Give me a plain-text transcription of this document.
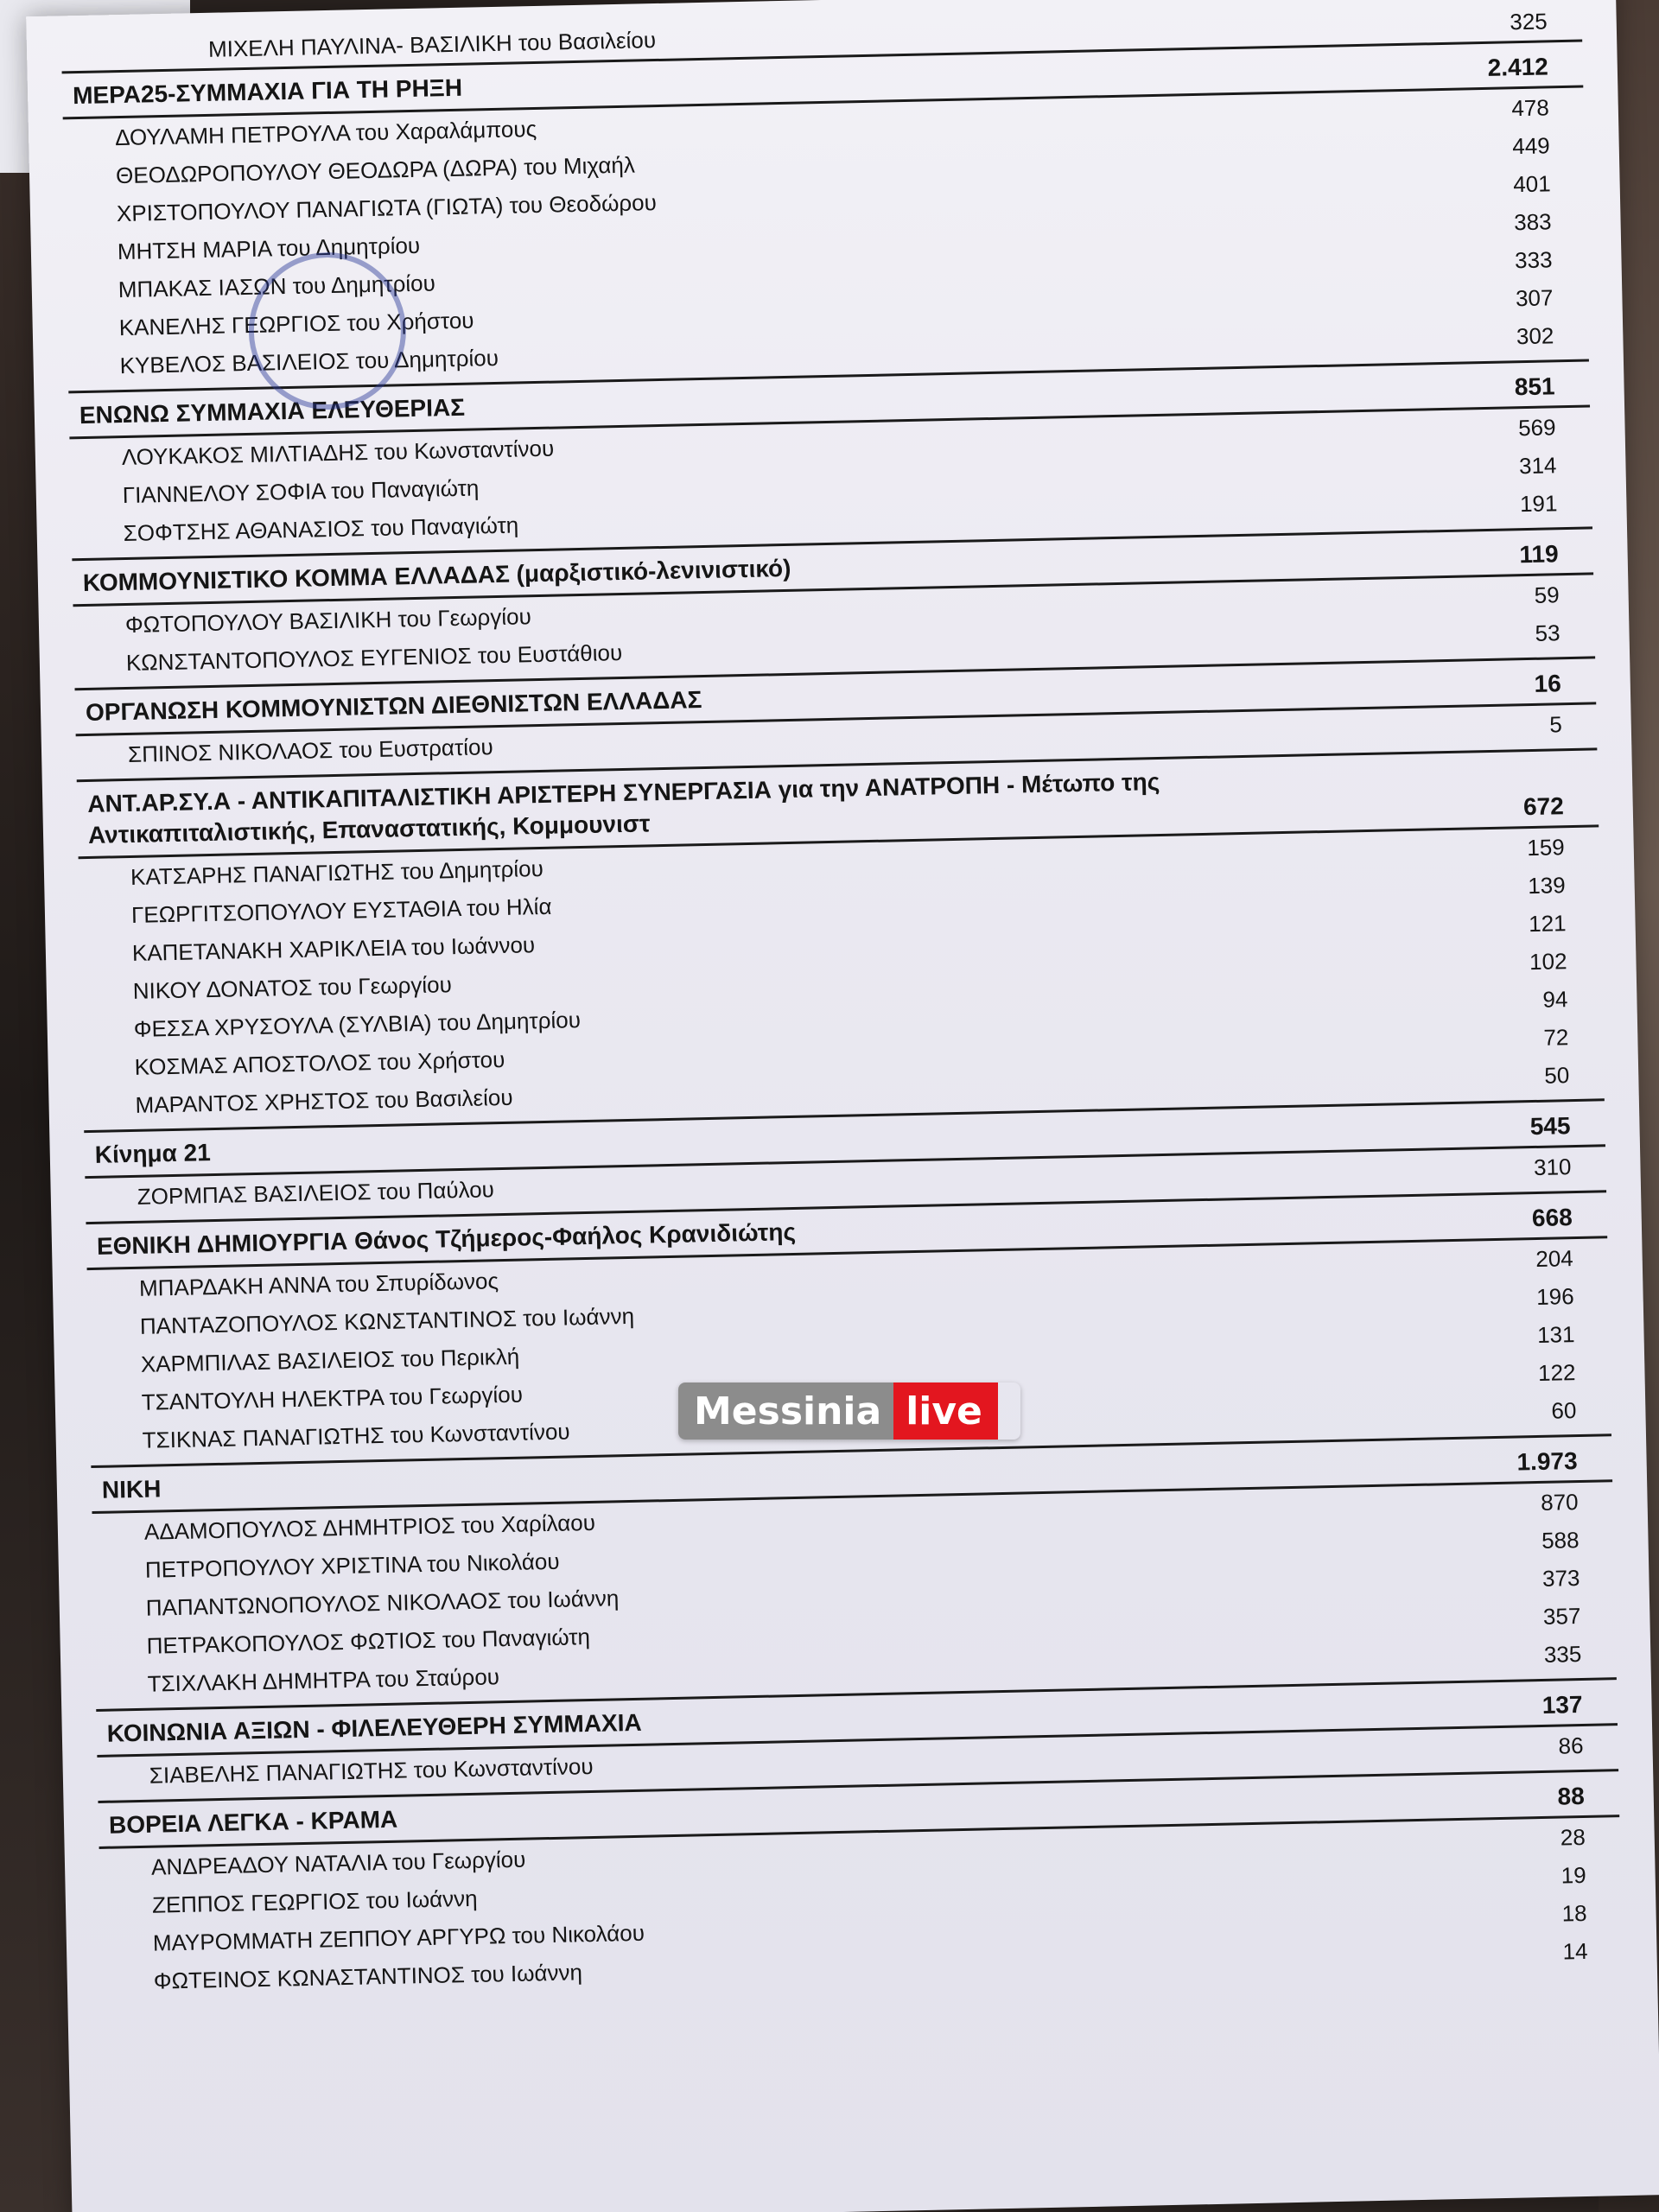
ΜΙΧΕΛΗ ΠΑΥΛΙΝΑ- ΒΑΣΙΛΙΚΗ του Βασιλείου
325
ΜΕΡΑ25-ΣΥΜΜΑΧΙΑ ΓΙΑ ΤΗ ΡΗΞΗ
2.412
ΔΟΥΛΑΜΗ ΠΕΤΡΟΥΛΑ του Χαραλάμπους
478
ΘΕΟΔΩΡΟΠΟΥΛΟΥ ΘΕΟΔΩΡΑ (ΔΩΡΑ) του Μιχαήλ
449
ΧΡΙΣΤΟΠΟΥΛΟΥ ΠΑΝΑΓΙΩΤΑ (ΓΙΩΤΑ) του Θεοδώρου
401
ΜΗΤΣΗ ΜΑΡΙΑ του Δημητρίου
383
ΜΠΑΚΑΣ ΙΑΣΩΝ του Δημητρίου
333
ΚΑΝΕΛΗΣ ΓΕΩΡΓΙΟΣ του Χρήστου
307
ΚΥΒΕΛΟΣ ΒΑΣΙΛΕΙΟΣ του Δημητρίου
302
ΕΝΩΝΩ ΣΥΜΜΑΧΙΑ ΕΛΕΥΘΕΡΙΑΣ
851
ΛΟΥΚΑΚΟΣ ΜΙΛΤΙΑΔΗΣ του Κωνσταντίνου
569
ΓΙΑΝΝΕΛΟΥ ΣΟΦΙΑ του Παναγιώτη
314
ΣΟΦΤΣΗΣ ΑΘΑΝΑΣΙΟΣ του Παναγιώτη
191
ΚΟΜΜΟΥΝΙΣΤΙΚΟ ΚΟΜΜΑ ΕΛΛΑΔΑΣ (μαρξιστικό-λενινιστικό)
119
ΦΩΤΟΠΟΥΛΟΥ ΒΑΣΙΛΙΚΗ του Γεωργίου
59
ΚΩΝΣΤΑΝΤΟΠΟΥΛΟΣ ΕΥΓΕΝΙΟΣ του Ευστάθιου
53
ΟΡΓΑΝΩΣΗ ΚΟΜΜΟΥΝΙΣΤΩΝ ΔΙΕΘΝΙΣΤΩΝ ΕΛΛΑΔΑΣ
16
ΣΠΙΝΟΣ ΝΙΚΟΛΑΟΣ του Ευστρατίου
5
ΑΝΤ.ΑΡ.ΣΥ.Α - ΑΝΤΙΚΑΠΙΤΑΛΙΣΤΙΚΗ ΑΡΙΣΤΕΡΗ ΣΥΝΕΡΓΑΣΙΑ για την ΑΝΑΤΡΟΠΗ - Μέτωπο της Αντικαπιταλιστικής, Επαναστατικής, Κομμουνιστ
672
ΚΑΤΣΑΡΗΣ ΠΑΝΑΓΙΩΤΗΣ του Δημητρίου
159
ΓΕΩΡΓΙΤΣΟΠΟΥΛΟΥ ΕΥΣΤΑΘΙΑ του Ηλία
139
ΚΑΠΕΤΑΝΑΚΗ ΧΑΡΙΚΛΕΙΑ του Ιωάννου
121
ΝΙΚΟΥ ΔΟΝΑΤΟΣ του Γεωργίου
102
ΦΕΣΣΑ ΧΡΥΣΟΥΛΑ (ΣΥΛΒΙΑ) του Δημητρίου
94
ΚΟΣΜΑΣ ΑΠΟΣΤΟΛΟΣ του Χρήστου
72
ΜΑΡΑΝΤΟΣ ΧΡΗΣΤΟΣ του Βασιλείου
50
Κίνημα 21
545
ΖΟΡΜΠΑΣ ΒΑΣΙΛΕΙΟΣ του Παύλου
310
ΕΘΝΙΚΗ ΔΗΜΙΟΥΡΓΙΑ Θάνος Τζήμερος-Φαήλος Κρανιδιώτης
668
ΜΠΑΡΔΑΚΗ ΑΝΝΑ του Σπυρίδωνος
204
ΠΑΝΤΑΖΟΠΟΥΛΟΣ ΚΩΝΣΤΑΝΤΙΝΟΣ του Ιωάννη
196
ΧΑΡΜΠΙΛΑΣ ΒΑΣΙΛΕΙΟΣ του Περικλή
131
ΤΣΑΝΤΟΥΛΗ ΗΛΕΚΤΡΑ του Γεωργίου
122
ΤΣΙΚΝΑΣ ΠΑΝΑΓΙΩΤΗΣ του Κωνσταντίνου
60
ΝΙΚΗ
1.973
ΑΔΑΜΟΠΟΥΛΟΣ ΔΗΜΗΤΡΙΟΣ του Χαρίλαου
870
ΠΕΤΡΟΠΟΥΛΟΥ ΧΡΙΣΤΙΝΑ του Νικολάου
588
ΠΑΠΑΝΤΩΝΟΠΟΥΛΟΣ ΝΙΚΟΛΑΟΣ του Ιωάννη
373
ΠΕΤΡΑΚΟΠΟΥΛΟΣ ΦΩΤΙΟΣ του Παναγιώτη
357
ΤΣΙΧΛΑΚΗ ΔΗΜΗΤΡΑ του Σταύρου
335
ΚΟΙΝΩΝΙΑ ΑΞΙΩΝ - ΦΙΛΕΛΕΥΘΕΡΗ ΣΥΜΜΑΧΙΑ
137
ΣΙΑΒΕΛΗΣ ΠΑΝΑΓΙΩΤΗΣ του Κωνσταντίνου
86
ΒΟΡΕΙΑ ΛΕΓΚΑ - ΚΡΑΜΑ
88
ΑΝΔΡΕΑΔΟΥ ΝΑΤΑΛΙΑ του Γεωργίου
28
ΖΕΠΠΟΣ ΓΕΩΡΓΙΟΣ του Ιωάννη
19
ΜΑΥΡΟΜΜΑΤΗ ΖΕΠΠΟΥ ΑΡΓΥΡΩ του Νικολάου
18
ΦΩΤΕΙΝΟΣ ΚΩΝΑΣΤΑΝΤΙΝΟΣ του Ιωάννη
14
Messinia live
